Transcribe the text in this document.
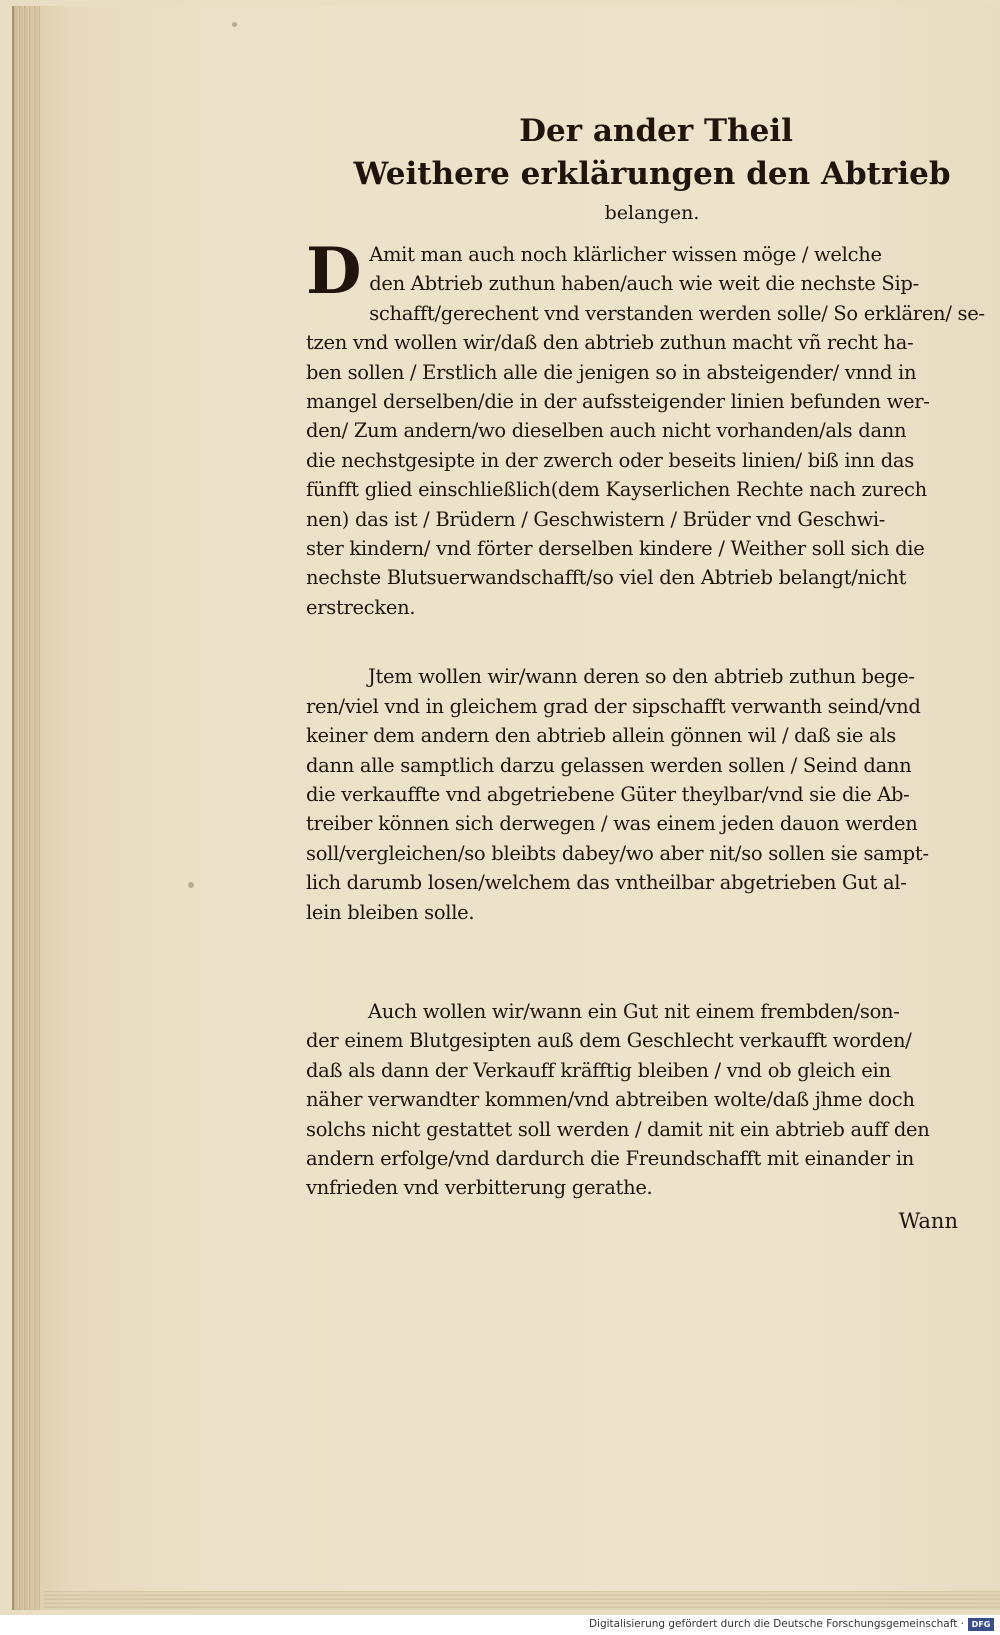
Der ander Theil
Weithere erklärungen den Abtrieb
belangen.
D Amit man auch noch klärlicher wissen möge / welche
den Abtrieb zuthun haben/auch wie weit die nechste Sip-
schafft/gerechent vnd verstanden werden solle/ So erklären/ se-
tzen vnd wollen wir/daß den abtrieb zuthun macht vñ recht ha-
ben sollen / Erstlich alle die jenigen so in absteigender/ vnnd in
mangel derselben/die in der aufssteigender linien befunden wer-
den/ Zum andern/wo dieselben auch nicht vorhanden/als dann
die nechstgesipte in der zwerch oder beseits linien/ biß inn das
fünfft glied einschließlich(dem Kayserlichen Rechte nach zurech
nen) das ist / Brüdern / Geschwistern / Brüder vnd Geschwi-
ster kindern/ vnd förter derselben kindere / Weither soll sich die
nechste Blutsuerwandschafft/so viel den Abtrieb belangt/nicht
erstrecken.
Jtem wollen wir/wann deren so den abtrieb zuthun bege-
ren/viel vnd in gleichem grad der sipschafft verwanth seind/vnd
keiner dem andern den abtrieb allein gönnen wil / daß sie als
dann alle samptlich darzu gelassen werden sollen / Seind dann
die verkauffte vnd abgetriebene Güter theylbar/vnd sie die Ab-
treiber können sich derwegen / was einem jeden dauon werden
soll/vergleichen/so bleibts dabey/wo aber nit/so sollen sie sampt-
lich darumb losen/welchem das vntheilbar abgetrieben Gut al-
lein bleiben solle.
Auch wollen wir/wann ein Gut nit einem frembden/son-
der einem Blutgesipten auß dem Geschlecht verkaufft worden/
daß als dann der Verkauff kräfftig bleiben / vnd ob gleich ein
näher verwandter kommen/vnd abtreiben wolte/daß jhme doch
solchs nicht gestattet soll werden / damit nit ein abtrieb auff den
andern erfolge/vnd dardurch die Freundschafft mit einander in
vnfrieden vnd verbitterung gerathe.
Wann
Digitalisierung gefördert durch die Deutsche Forschungsgemeinschaft · DFG
